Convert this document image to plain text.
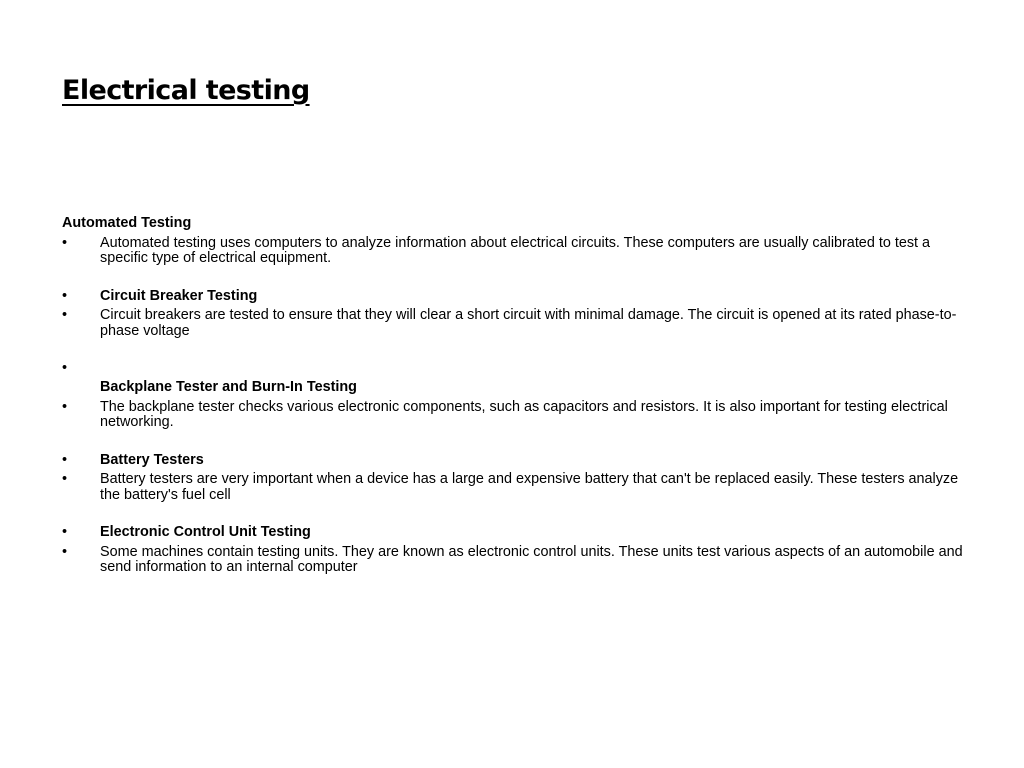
Electrical testing
Automated Testing
•	Automated testing uses computers to analyze information about electrical circuits. These computers are usually calibrated to test a specific type of electrical equipment.
•	Circuit Breaker Testing
•	Circuit breakers are tested to ensure that they will clear a short circuit with minimal damage. The circuit is opened at its rated phase-to-phase voltage
•
Backplane Tester and Burn-In Testing
•	The backplane tester checks various electronic components, such as capacitors and resistors. It is also important for testing electrical networking.
•	Battery Testers
•	Battery testers are very important when a device has a large and expensive battery that can't be replaced easily. These testers analyze the battery's fuel cell
•	Electronic Control Unit Testing
•	Some machines contain testing units. They are known as electronic control units. These units test various aspects of an automobile and send information to an internal computer
